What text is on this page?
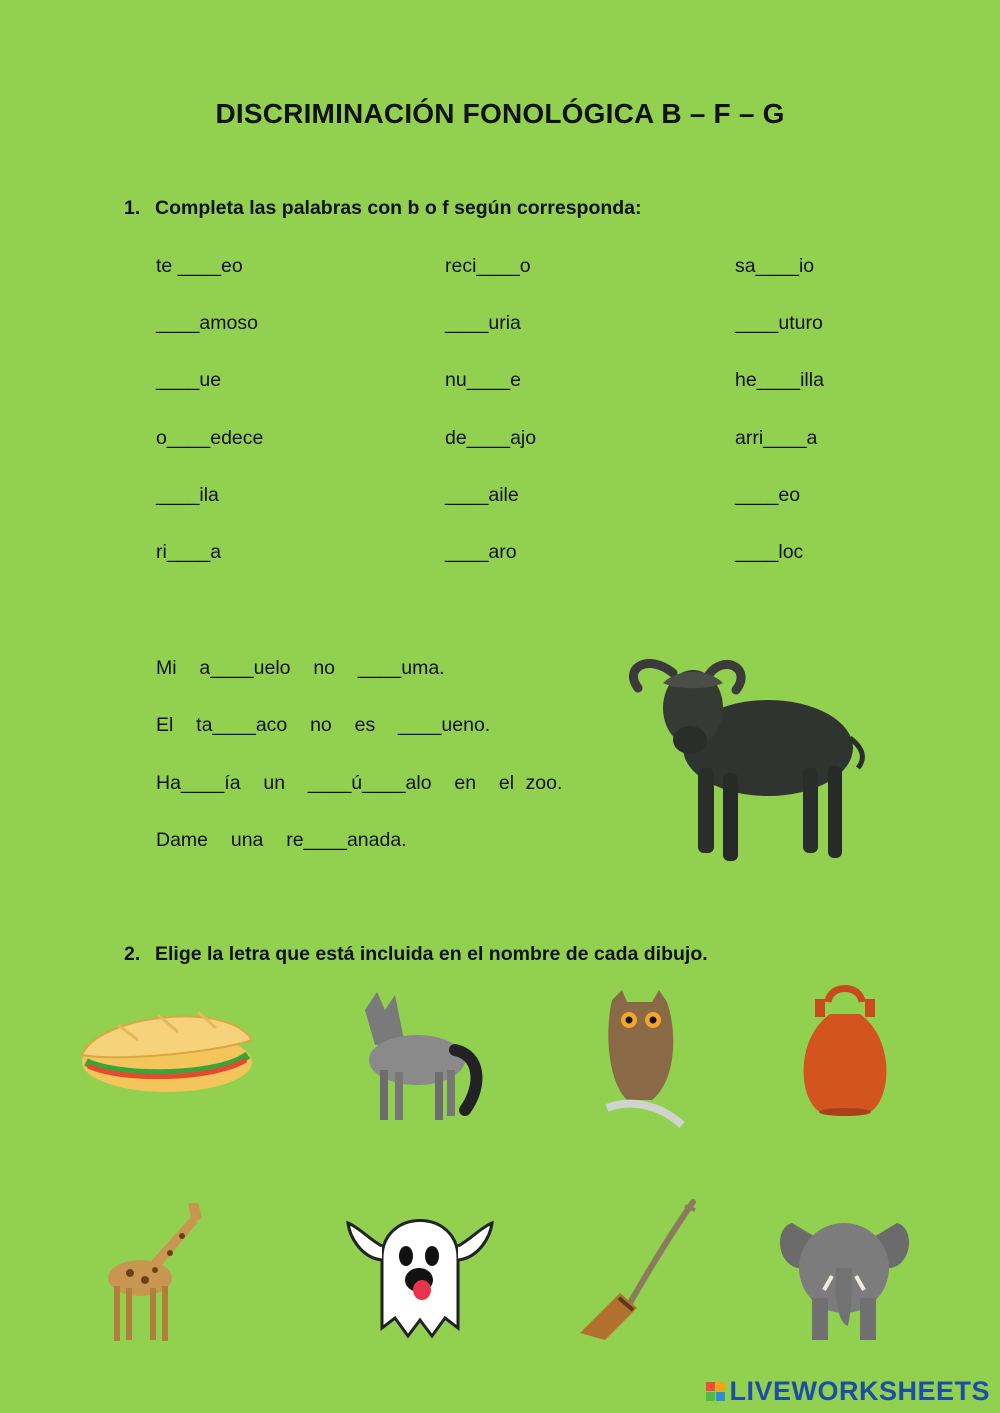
DISCRIMINACIÓN FONOLÓGICA B – F – G
1. Completa las palabras con b o f según corresponda:
te ____eo	reci____o	sa____io
____amoso	____uria	____uturo
____ue	nu____e	he____illa
o____edece	de____ajo	arri____a
____ila	____aile	____eo
ri____a	____aro	____loc
Mi  a____uelo  no  ____uma.
El  ta____aco  no  es  ____ueno.
Ha____ía  un  ____ú____alo  en  el zoo.
Dame  una  re____anada.
2. Elige la letra que está incluida en el nombre de cada dibujo.
LIVEWORKSHEETS
